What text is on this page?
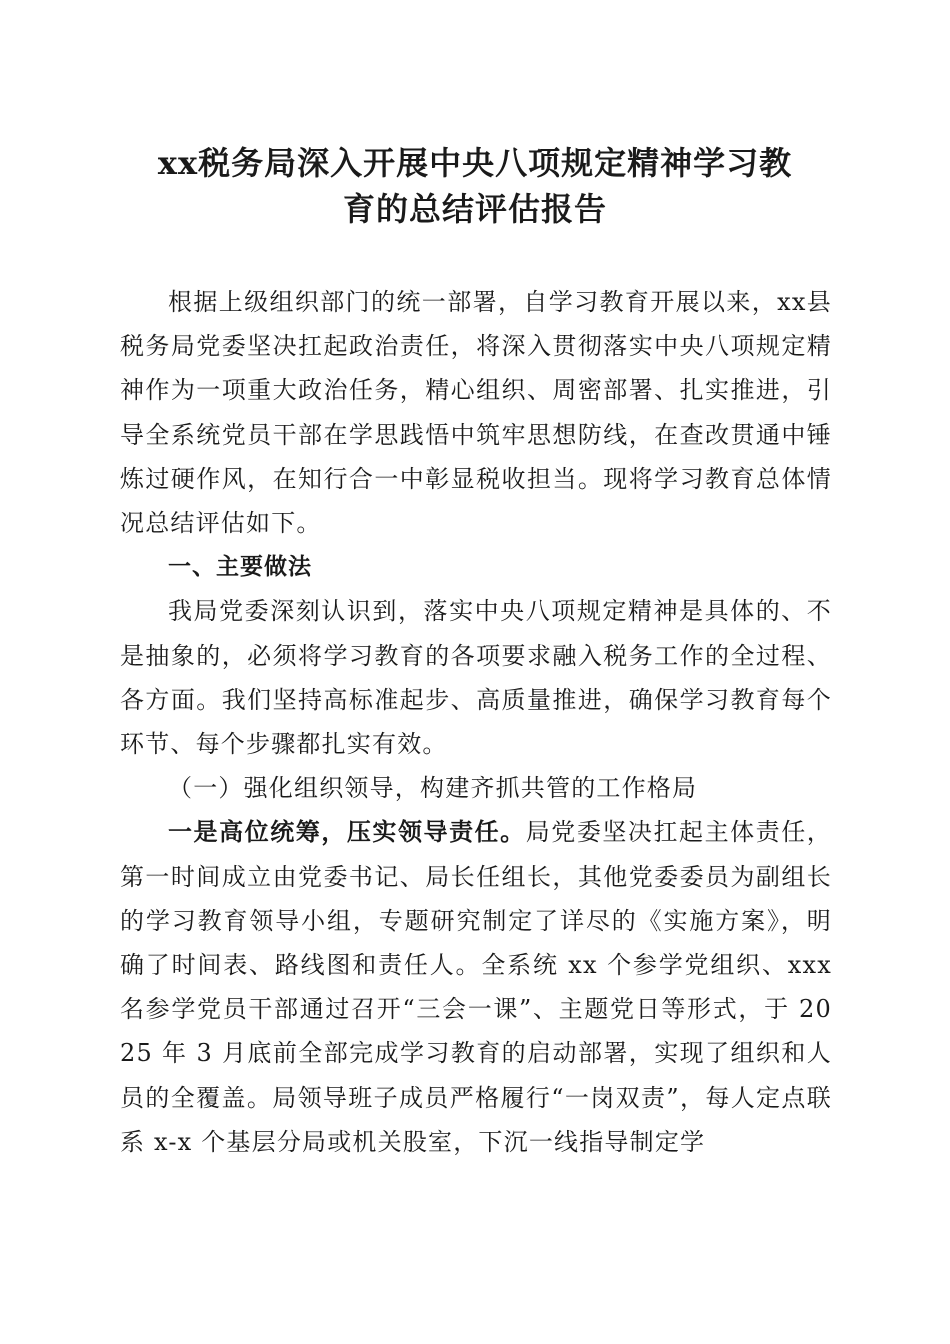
xx税务局深入开展中央八项规定精神学习教
育的总结评估报告

根据上级组织部门的统一部署，自学习教育开展以来，xx县税务局党委坚决扛起政治责任，将深入贯彻落实中央八项规定精神作为一项重大政治任务，精心组织、周密部署、扎实推进，引导全系统党员干部在学思践悟中筑牢思想防线，在查改贯通中锤炼过硬作风，在知行合一中彰显税收担当。现将学习教育总体情况总结评估如下。

一、主要做法

我局党委深刻认识到，落实中央八项规定精神是具体的、不是抽象的，必须将学习教育的各项要求融入税务工作的全过程、各方面。我们坚持高标准起步、高质量推进，确保学习教育每个环节、每个步骤都扎实有效。

（一）强化组织领导，构建齐抓共管的工作格局

一是高位统筹，压实领导责任。局党委坚决扛起主体责任，第一时间成立由党委书记、局长任组长，其他党委委员为副组长的学习教育领导小组，专题研究制定了详尽的《实施方案》，明确了时间表、路线图和责任人。全系统 xx 个参学党组织、xxx 名参学党员干部通过召开“三会一课”、主题党日等形式，于 2025 年 3 月底前全部完成学习教育的启动部署，实现了组织和人员的全覆盖。局领导班子成员严格履行“一岗双责”，每人定点联系 x-x 个基层分局或机关股室，下沉一线指导制定学
